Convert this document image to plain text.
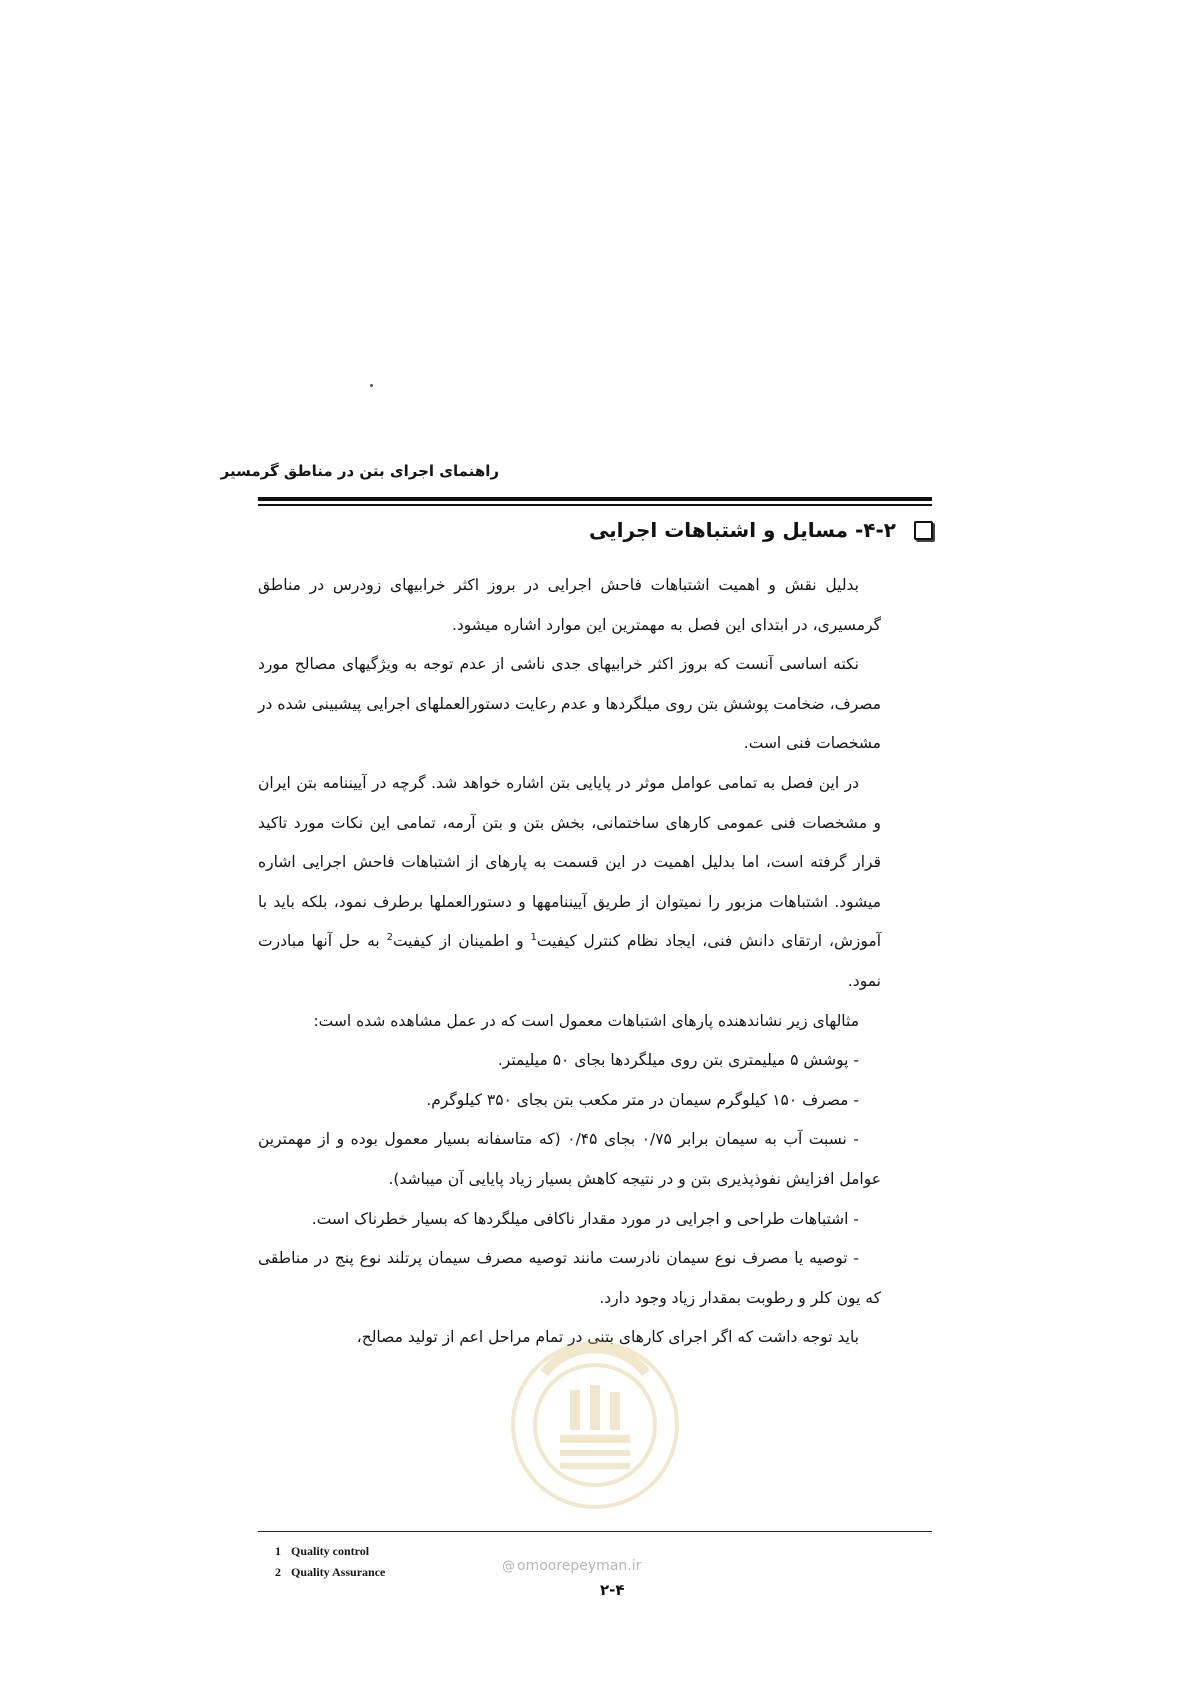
راهنمای اجرای بتن در مناطق گرمسیر
۴-۲- مسایل و اشتباهات اجرایی

بدلیل نقش و اهمیت اشتباهات فاحش اجرایی در بروز اکثر خرابیهای زودرس در مناطق گرمسیری، در ابتدای این فصل به مهمترین این موارد اشاره میشود.

نکته اساسی آنست که بروز اکثر خرابیهای جدی ناشی از عدم توجه به ویژگیهای مصالح مورد مصرف، ضخامت پوشش بتن روی میلگردها و عدم رعایت دستورالعملهای اجرایی پیشبینی شده در مشخصات فنی است.

در این فصل به تمامی عوامل موثر در پایایی بتن اشاره خواهد شد. گرچه در آییننامه بتن ایران و مشخصات فنی عمومی کارهای ساختمانی، بخش بتن و بتن آرمه، تمامی این نکات مورد تاکید قرار گرفته است، اما بدلیل اهمیت در این قسمت به پارهای از اشتباهات فاحش اجرایی اشاره میشود. اشتباهات مزبور را نمیتوان از طریق آییننامهها و دستورالعملها برطرف نمود، بلکه باید با آموزش، ارتقای دانش فنی، ایجاد نظام کنترل کیفیت$^1$ و اطمینان از کیفیت$^2$ به حل آنها مبادرت نمود.

مثالهای زیر نشاندهنده پارهای اشتباهات معمول است که در عمل مشاهده شده است:

- پوشش ۵ میلیمتری بتن روی میلگردها بجای ۵۰ میلیمتر.

- مصرف ۱۵۰ کیلوگرم سیمان در متر مکعب بتن بجای ۳۵۰ کیلوگرم.

- نسبت آب به سیمان برابر ۰/۷۵ بجای ۰/۴۵ (که متاسفانه بسیار معمول بوده و از مهمترین عوامل افزایش نفوذپذیری بتن و در نتیجه کاهش بسیار زیاد پایایی آن میباشد).

- اشتباهات طراحی و اجرایی در مورد مقدار ناکافی میلگردها که بسیار خطرناک است.

- توصیه یا مصرف نوع سیمان نادرست مانند توصیه مصرف سیمان پرتلند نوع پنج در مناطقی که یون کلر و رطوبت بمقدار زیاد وجود دارد.

باید توجه داشت که اگر اجرای کارهای بتنی در تمام مراحل اعم از تولید مصالح،

1 Quality control
2 Quality Assurance	@ omoorepeyman.ir
۲-۴
